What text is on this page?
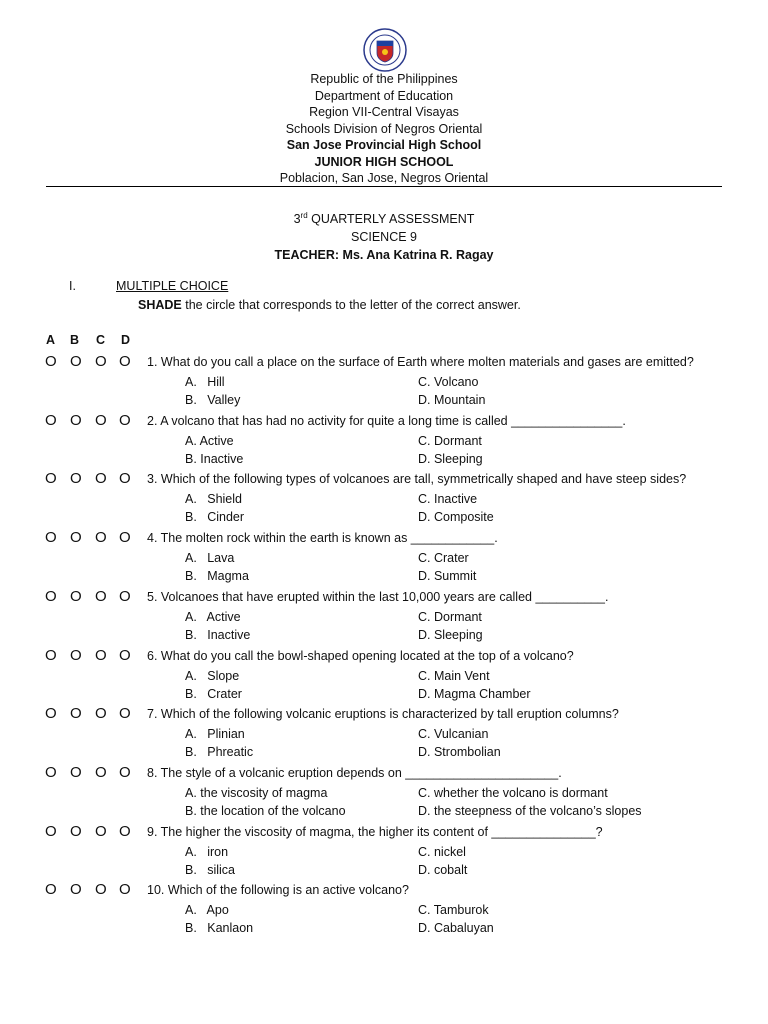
Republic of the Philippines
Department of Education
Region VII-Central Visayas
Schools Division of Negros Oriental
San Jose Provincial High School
JUNIOR HIGH SCHOOL
Poblacion, San Jose, Negros Oriental
3rd QUARTERLY ASSESSMENT
SCIENCE 9
TEACHER: Ms. Ana Katrina R. Ragay
I.	MULTIPLE CHOICE
SHADE the circle that corresponds to the letter of the correct answer.
A B C D
O O O O 1. What do you call a place on the surface of Earth where molten materials and gases are emitted?
A.   Hill
B.   Valley
C. Volcano
D. Mountain
O O O O 2. A volcano that has had no activity for quite a long time is called ________________.
A. Active
B. Inactive
C. Dormant
D. Sleeping
O O O O 3. Which of the following types of volcanoes are tall, symmetrically shaped and have steep sides?
A.   Shield
B.   Cinder
C. Inactive
D. Composite
O O O O 4. The molten rock within the earth is known as ____________.
A.   Lava
B.   Magma
C. Crater
D. Summit
O O O O 5. Volcanoes that have erupted within the last 10,000 years are called __________.
A.   Active
B.   Inactive
C. Dormant
D. Sleeping
O O O O 6. What do you call the bowl-shaped opening located at the top of a volcano?
A.   Slope
B.   Crater
C. Main Vent
D. Magma Chamber
O O O O 7. Which of the following volcanic eruptions is characterized by tall eruption columns?
A.   Plinian
B.   Phreatic
C. Vulcanian
D. Strombolian
O O O O 8. The style of a volcanic eruption depends on ______________________.
A. the viscosity of magma
B. the location of the volcano
C. whether the volcano is dormant
D. the steepness of the volcano’s slopes
O O O O 9. The higher the viscosity of magma, the higher its content of _______________?
A.   iron
B.   silica
C. nickel
D. cobalt
O O O O 10. Which of the following is an active volcano?
A.   Apo
B.   Kanlaon
C. Tamburok
D. Cabaluyan
